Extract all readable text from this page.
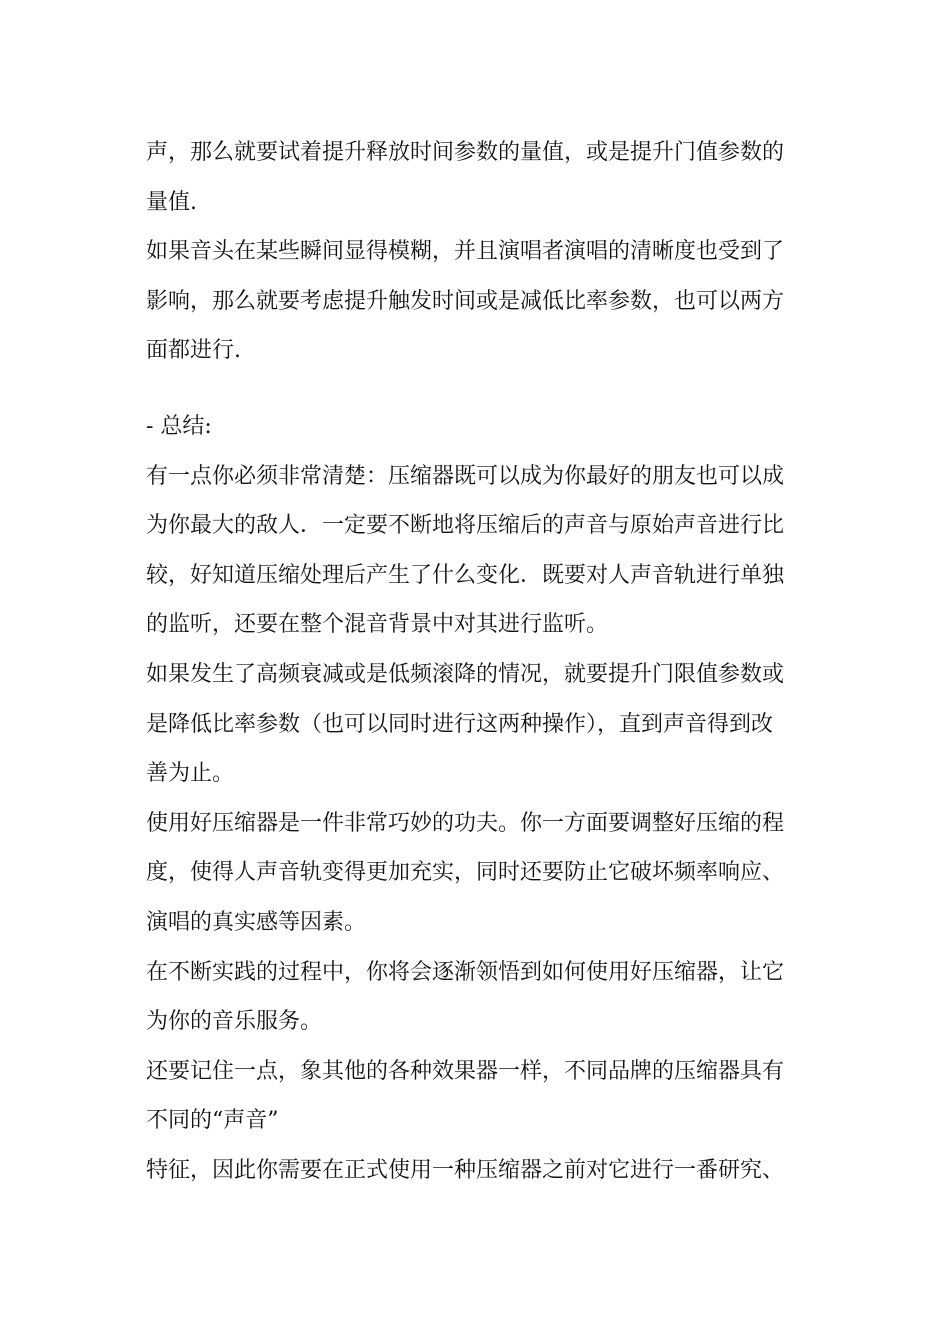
声，那么就要试着提升释放时间参数的量值，或是提升门值参数的
量值.
如果音头在某些瞬间显得模糊，并且演唱者演唱的清晰度也受到了
影响，那么就要考虑提升触发时间或是减低比率参数，也可以两方
面都进行.
- 总结:
有一点你必须非常清楚：压缩器既可以成为你最好的朋友也可以成
为你最大的敌人．一定要不断地将压缩后的声音与原始声音进行比
较，好知道压缩处理后产生了什么变化．既要对人声音轨进行单独
的监听，还要在整个混音背景中对其进行监听。
如果发生了高频衰减或是低频滚降的情况，就要提升门限值参数或
是降低比率参数（也可以同时进行这两种操作），直到声音得到改
善为止。
使用好压缩器是一件非常巧妙的功夫。你一方面要调整好压缩的程
度，使得人声音轨变得更加充实，同时还要防止它破坏频率响应、
演唱的真实感等因素。
在不断实践的过程中，你将会逐渐领悟到如何使用好压缩器，让它
为你的音乐服务。
还要记住一点，象其他的各种效果器一样，不同品牌的压缩器具有
不同的“声音”
特征，因此你需要在正式使用一种压缩器之前对它进行一番研究、
